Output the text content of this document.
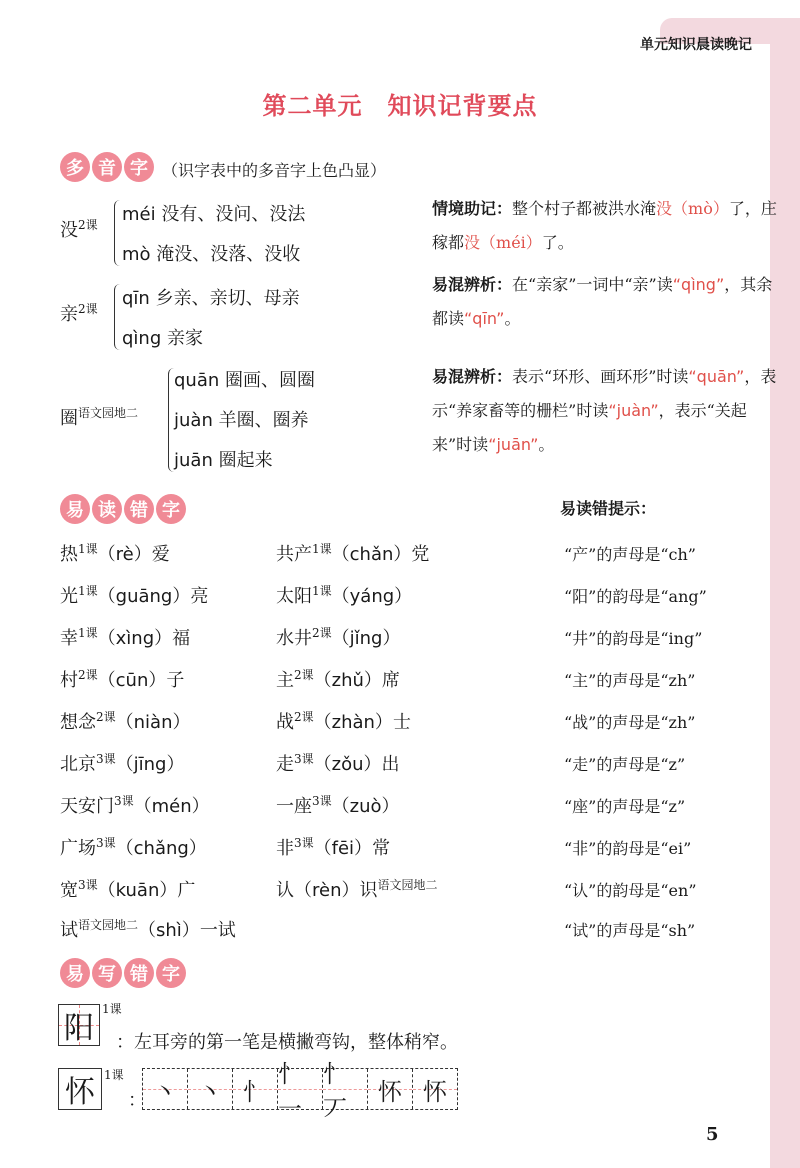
单元知识晨读晚记
第二单元　知识记背要点
多 音 字 （识字表中的多音字上色凸显）
没$^{2课}$ méi 没有、没问、没法
mò 淹没、没落、没收
亲$^{2课}$ qīn 乡亲、亲切、母亲
qìng 亲家
圈$^{语文园地二}$
quān 圈画、圆圈
juàn 羊圈、圈养
juān 圈起来
情境助记：整个村子都被洪水淹没（mò）了，庄稼都没（méi）了。
易混辨析：在“亲家”一词中“亲”读“qìng”，其余都读“qīn”。
易混辨析：表示“环形、画环形”时读“quān”，表示“养家畜等的栅栏”时读“juàn”，表示“关起来”时读“juān”。
易 读 错 字	易读错提示：
易 写 错 字
阳
1课
：左耳旁的第一笔是横撇弯钩，整体稍窄。
怀 1课
： 丶 丶 忄
忄一
忄丆
怀 怀
5
热$^{1课}$（rè）爱
光$^{1课}$（guāng）亮
幸$^{1课}$（xìng）福
村$^{2课}$（cūn）子
想念$^{2课}$（niàn）
北京$^{3课}$（jīng）
天安门$^{3课}$（mén）
广场$^{3课}$（chǎng）
宽$^{3课}$（kuān）广
试$^{语文园地二}$（shì）一试
共产$^{1课}$（chǎn）党
太阳$^{1课}$（yáng）
水井$^{2课}$（jǐng）
主$^{2课}$（zhǔ）席
战$^{2课}$（zhàn）士
走$^{3课}$（zǒu）出
一座$^{3课}$（zuò）
非$^{3课}$（fēi）常
认（rèn）识$^{语文园地二}$
“产”的声母是“ch”
“阳”的韵母是“ang”
“井”的韵母是“ing”
“主”的声母是“zh”
“战”的声母是“zh”
“走”的声母是“z”
“座”的声母是“z”
“非”的韵母是“ei”
“认”的韵母是“en”
“试”的声母是“sh”
